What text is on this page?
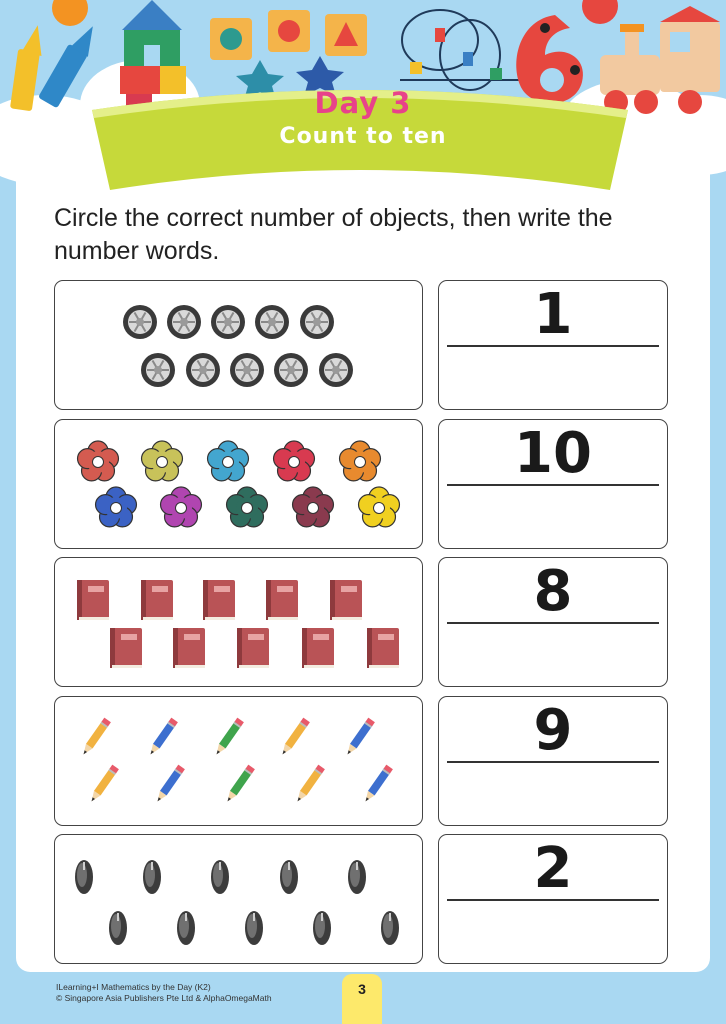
Day 3
Count to ten
Circle the correct number of objects, then write the number words.
1
10
8
9
2
ILearning+I Mathematics by the Day (K2)
© Singapore Asia Publishers Pte Ltd & AlphaOmegaMath
3
